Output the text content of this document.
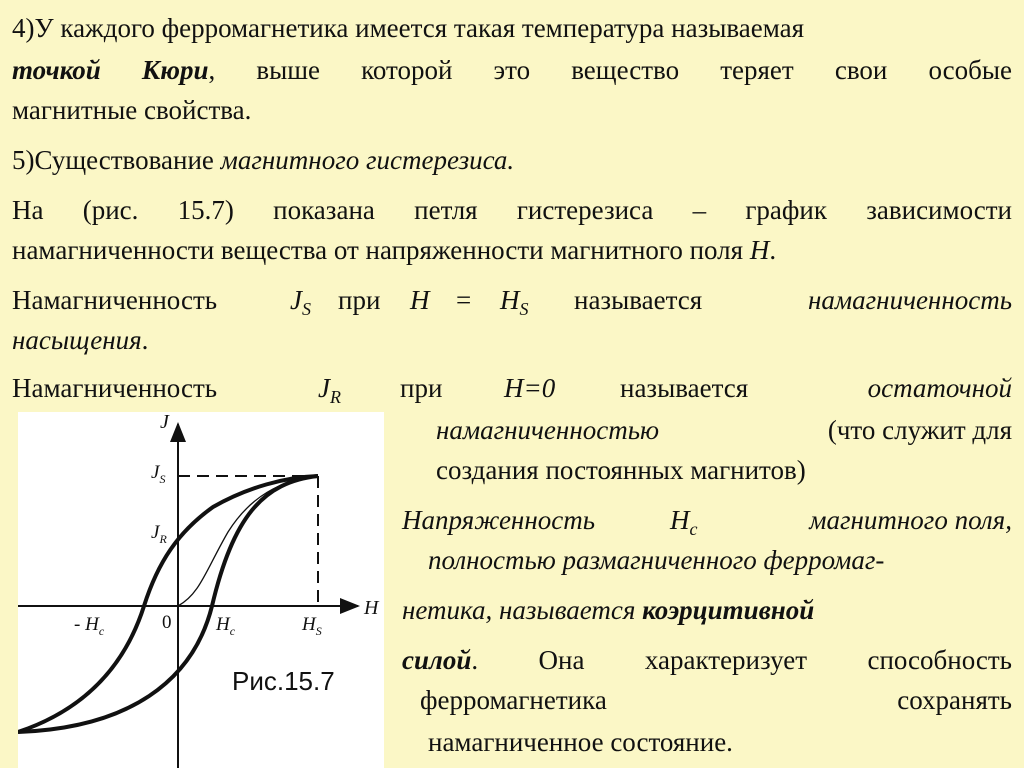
4)У каждого ферромагнетика имеется такая температура называемая
точкой Кюри, выше которой это вещество теряет свои особые
магнитные свойства.
5)Существование магнитного гистерезиса.
На (рис. 15.7) показана петля гистерезиса – график зависимости
намагниченности вещества от напряженности магнитного поля H.
Намагниченность	$J_S$ при $H = H_S$ называется	намагниченность
насыщения.
Намагниченность	$J_R$ при H=0 называется	остаточной
намагниченностью	(что служит для
создания постоянных магнитов)
Напряженность	$H_c$	магнитного поля,
полностью размагниченного ферромаг-
нетика, называется коэрцитивной
силой. Она характеризует способность
ферромагнетика	сохранять
намагниченное состояние.
J
H
$J_S$
$J_R$
- $H_c$	0 $H_c$	$H_S$
Рис.15.7
